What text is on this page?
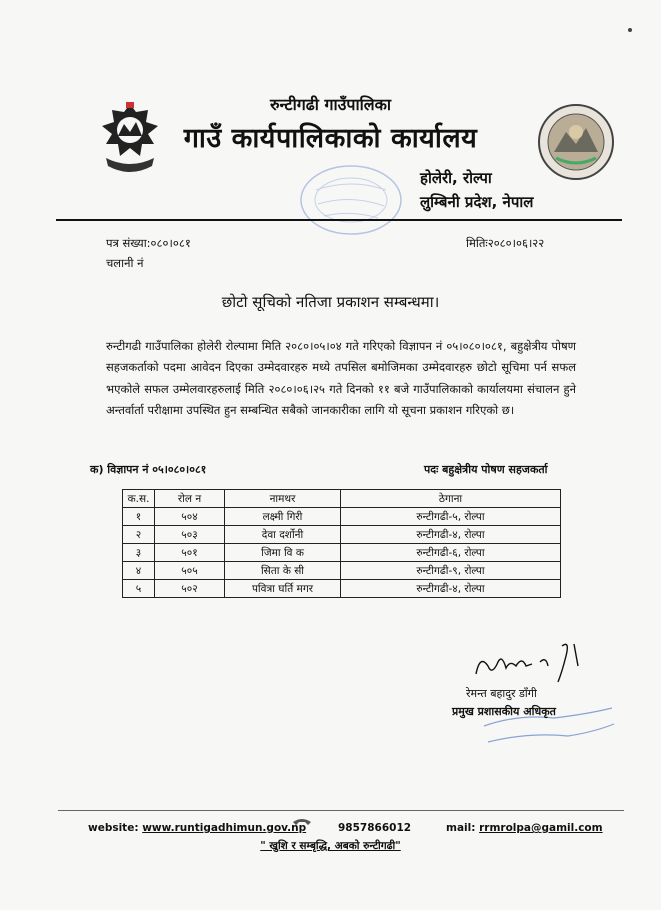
रुन्टीगढी गाउँपालिका
गाउँ कार्यपालिकाको कार्यालय
होलेरी, रोल्पा
लुम्बिनी प्रदेश, नेपाल
पत्र संख्या:०८०।०८१
चलानी नं
मितिः२०८०।०६।२२
छोटो सूचिको नतिजा प्रकाशन सम्बन्धमा।
रुन्टीगढी गाउँपालिका होलेरी रोल्पामा मिति २०८०।०५।०४ गते गरिएको विज्ञापन नं ०५।०८०।०८१, बहुक्षेत्रीय पोषण सहजकर्ताको पदमा आवेदन दिएका उम्मेदवारहरु मध्ये तपसिल बमोजिमका उम्मेदवारहरु छोटो सूचिमा पर्न सफल भएकोले सफल उम्मेलवारहरुलाई मिति २०८०।०६।२५ गते दिनको ११ बजे गाउँपालिकाको कार्यालयमा संचालन हुने अन्तर्वार्ता परीक्षामा उपस्थित हुन सम्बन्धित सबैको जानकारीका लागि यो सूचना प्रकाशन गरिएको छ।
क) विज्ञापन नं ०५।०८०।०८१	पदः बहुक्षेत्रीय पोषण सहजकर्ता
क.स.	रोल न	नामथर	ठेगाना
१	५०४	लक्ष्मी गिरी	रुन्टीगढी-५, रोल्पा
२	५०३	देवा दर्शोनी	रुन्टीगढी-४, रोल्पा
३	५०१	जिमा वि क	रुन्टीगढी-६, रोल्पा
४	५०५	सिता के सी	रुन्टीगढी-९, रोल्पा
५	५०२	पवित्रा घर्ति मगर	रुन्टीगढी-४, रोल्पा
रेमन्त बहादुर डाँगी
प्रमुख प्रशासकीय अधिकृत
website: www.runtigadhimun.gov.np	9857866012	mail: rrmrolpa@gamil.com
" खुशि र सम्बृद्धि, अबको रुन्टीगढी"
